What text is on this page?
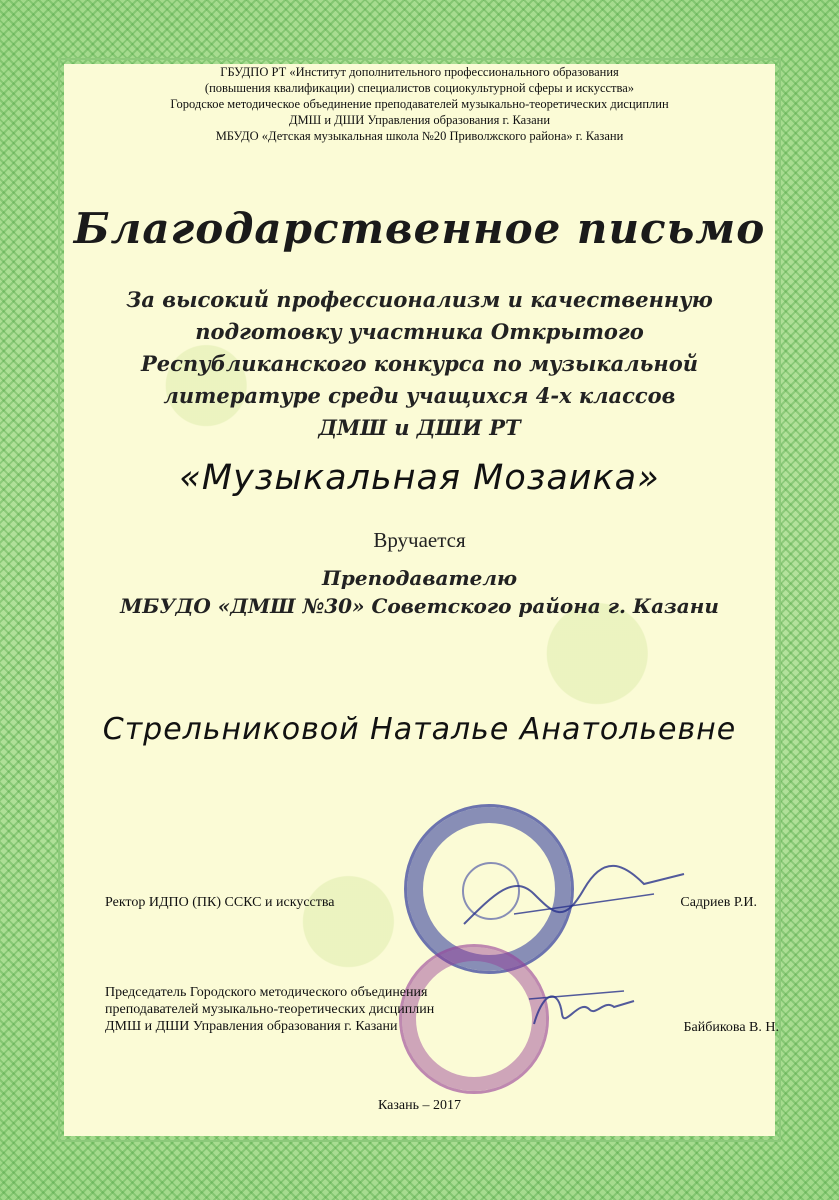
ГБУДПО РТ «Институт дополнительного профессионального образования
(повышения квалификации) специалистов социокультурной сферы и искусства»
Городское методическое объединение преподавателей музыкально-теоретических дисциплин
ДМШ и ДШИ Управления образования г. Казани
МБУДО «Детская музыкальная школа №20 Приволжского района» г. Казани
Благодарственное письмо
За высокий профессионализм и качественную
подготовку участника Открытого
Республиканского конкурса по музыкальной
литературе среди учащихся 4-х классов
ДМШ и ДШИ РТ
«Музыкальная Мозаика»
Вручается
Преподавателю
МБУДО «ДМШ №30» Советского района г. Казани
Стрельниковой Наталье Анатольевне
Ректор ИДПО (ПК) ССКС и искусства	Садриев Р.И.
Председатель Городского методического объединения
преподавателей музыкально-теоретических дисциплин
ДМШ и ДШИ Управления образования г. Казани	Байбикова В. Н.
Казань – 2017
